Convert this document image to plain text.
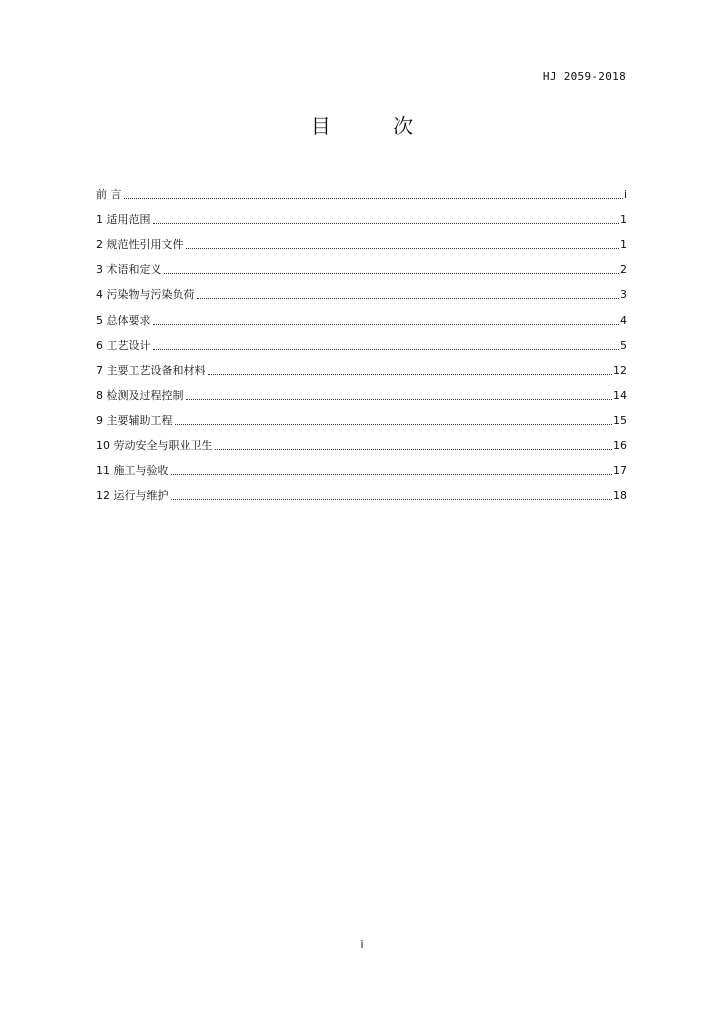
HJ 2059-2018
目 次
前 言	i
1 适用范围	1
2 规范性引用文件	1
3 术语和定义	2
4 污染物与污染负荷	3
5 总体要求	4
6 工艺设计	5
7 主要工艺设备和材料	12
8 检测及过程控制	14
9 主要辅助工程	15
10 劳动安全与职业卫生	16
11 施工与验收	17
12 运行与维护	18
i
